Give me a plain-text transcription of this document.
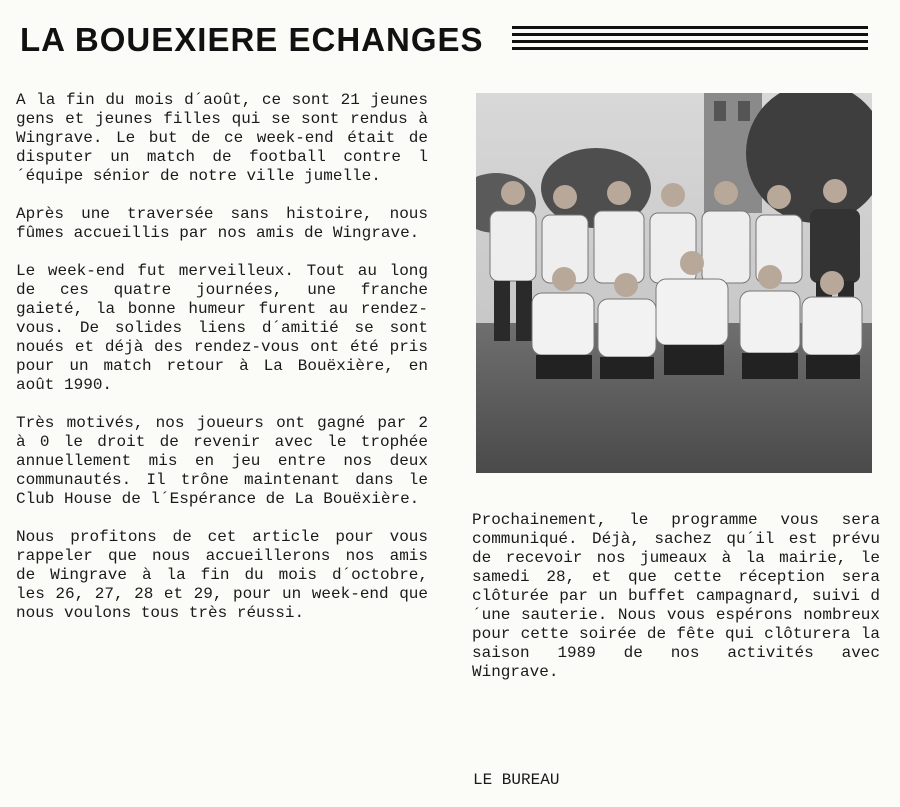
LA BOUEXIERE ECHANGES

A la fin du mois d´août, ce sont 21 jeunes gens et jeunes filles qui se sont rendus à Wingrave. Le but de ce week-end était de disputer un match de football contre l´équipe sénior de notre ville jumelle.

Après une traversée sans histoire, nous fûmes accueillis par nos amis de Wingrave.

Le week-end fut merveilleux. Tout au long de ces quatre journées, une franche gaieté, la bonne humeur furent au rendez-vous. De solides liens d´amitié se sont noués et déjà des rendez-vous ont été pris pour un match retour à La Bouëxière, en août 1990.

Très motivés, nos joueurs ont gagné par 2 à 0 le droit de revenir avec le trophée annuellement mis en jeu entre nos deux communautés. Il trône maintenant dans le Club House de l´Espérance de La Bouëxière.

Nous profitons de cet article pour vous rappeler que nous accueillerons nos amis de Wingrave à la fin du mois d´octobre, les 26, 27, 28 et 29, pour un week-end que nous voulons tous très réussi.

Prochainement, le programme vous sera communiqué. Déjà, sachez qu´il est prévu de recevoir nos jumeaux à la mairie, le samedi 28, et que cette réception sera clôturée par un buffet campagnard, suivi d´une sauterie. Nous vous espérons nombreux pour cette soirée de fête qui clôturera la saison 1989 de nos activités avec Wingrave.

LE BUREAU
